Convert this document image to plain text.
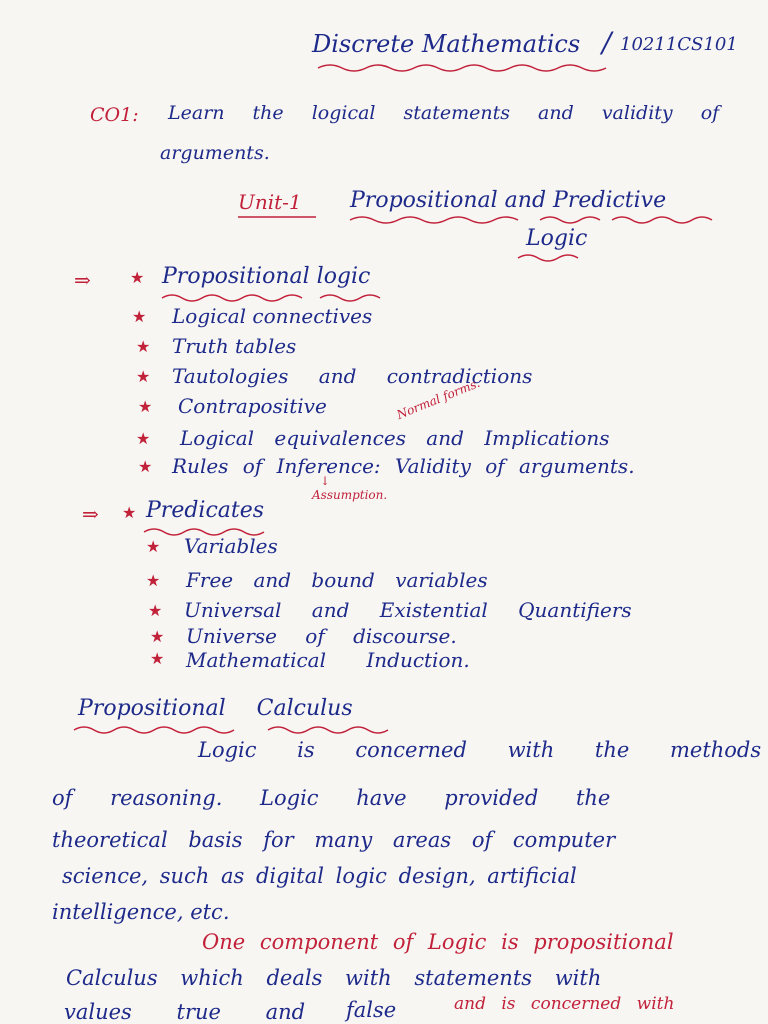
Discrete Mathematics / 10211CS101
CO1: Learn the logical statements and validity of
arguments.
Unit-1 Propositional and Predictive
Logic
⇒ ★ Propositional logic
★ Logical connectives
★ Truth tables
★ Tautologies and contradictions
★ Contrapositive	Normal forms.
★ Logical equivalences and Implications
★ Rules of Inference: Validity of arguments.
↓
Assumption.
⇒ ★ Predicates
★ Variables
★ Free and bound variables
★ Universal and Existential Quantifiers
★ Universe of discourse.
★ Mathematical Induction.
Propositional Calculus
Logic is concerned with the methods
of reasoning. Logic have provided the
theoretical basis for many areas of computer
science, such as digital logic design, artificial
intelligence, etc.
One component of Logic is propositional
Calculus which deals with statements with
values true and false	and is concerned with
